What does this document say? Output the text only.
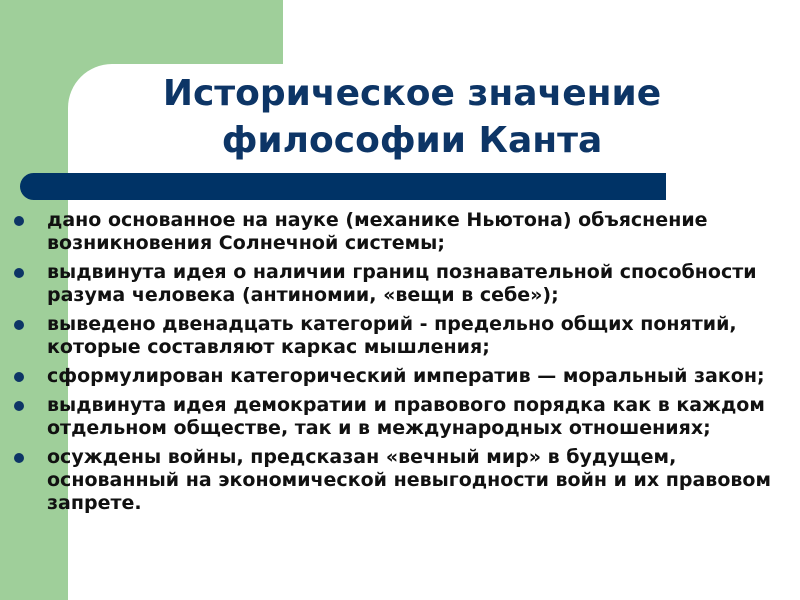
Историческое значение
философии Канта
дано основанное на науке (механике Ньютона) объяснение возникновения Солнечной системы;
выдвинута идея о наличии границ познавательной способности разума человека (антиномии, «вещи в себе»);
выведено двенадцать категорий - предельно общих понятий, которые составляют каркас мышления;
сформулирован категорический императив — моральный закон;
выдвинута идея демократии и правового порядка как в каждом отдельном обществе, так и в международных отношениях;
осуждены войны, предсказан «вечный мир» в будущем, основанный на экономической невыгодности войн и их правовом запрете.
